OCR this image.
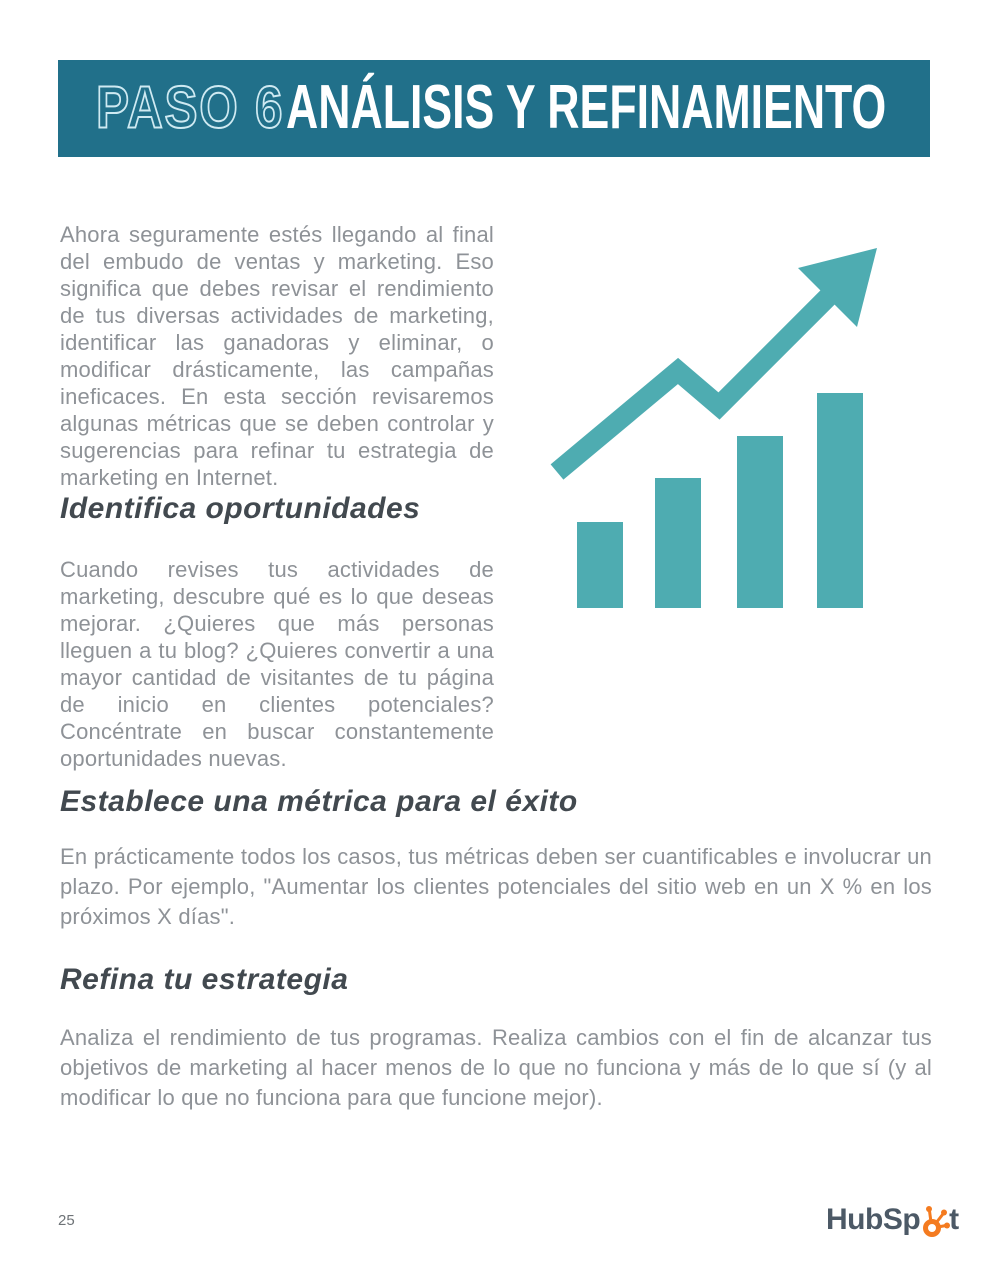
PASO 6 ANÁLISIS Y REFINAMIENTO

Ahora seguramente estés llegando al final del embudo de ventas y marketing. Eso significa que debes revisar el rendimiento de tus diversas actividades de marketing, identificar las ganadoras y eliminar, o modificar drásticamente, las campañas ineficaces. En esta sección revisaremos algunas métricas que se deben controlar y sugerencias para refinar tu estrategia de marketing en Internet.

Identifica oportunidades

Cuando revises tus actividades de marketing, descubre qué es lo que deseas mejorar. ¿Quieres que más personas lleguen a tu blog? ¿Quieres convertir a una mayor cantidad de visitantes de tu página de inicio en clientes potenciales? Concéntrate en buscar constantemente oportunidades nuevas.

Establece una métrica para el éxito

En prácticamente todos los casos, tus métricas deben ser cuantificables e involucrar un plazo. Por ejemplo, "Aumentar los clientes potenciales del sitio web en un X % en los próximos X días".

Refina tu estrategia

Analiza el rendimiento de tus programas. Realiza cambios con el fin de alcanzar tus objetivos de marketing al hacer menos de lo que no funciona y más de lo que sí (y al modificar lo que no funciona para que funcione mejor).

25	HubSp t
